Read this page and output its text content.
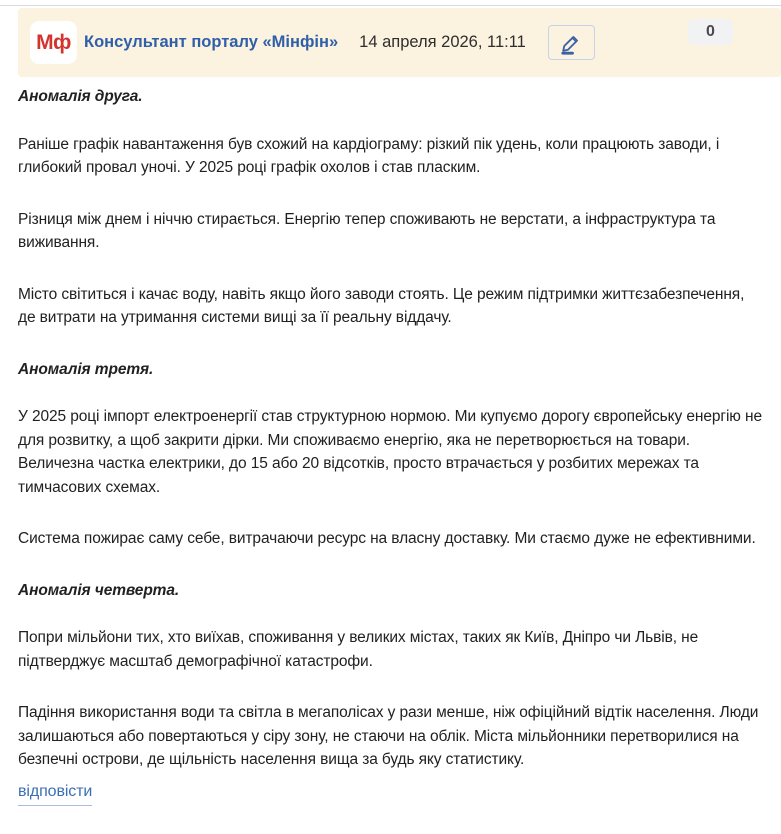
Мф Консультант порталу «Мінфін» 14 апреля 2026, 11:11
0
Аномалія друга.

Раніше графік навантаження був схожий на кардіограму: різкий пік удень, коли працюють заводи, і глибокий провал уночі. У 2025 році графік охолов і став пласким.

Різниця між днем і ніччю стирається. Енергію тепер споживають не верстати, а інфраструктура та виживання.

Місто світиться і качає воду, навіть якщо його заводи стоять. Це режим підтримки життєзабезпечення, де витрати на утримання системи вищі за її реальну віддачу.

Аномалія третя.

У 2025 році імпорт електроенергії став структурною нормою. Ми купуємо дорогу європейську енергію не для розвитку, а щоб закрити дірки. Ми споживаємо енергію, яка не перетворюється на товари. Величезна частка електрики, до 15 або 20 відсотків, просто втрачається у розбитих мережах та тимчасових схемах.

Система пожирає саму себе, витрачаючи ресурс на власну доставку. Ми стаємо дуже не ефективними.

Аномалія четверта.

Попри мільйони тих, хто виїхав, споживання у великих містах, таких як Київ, Дніпро чи Львів, не підтверджує масштаб демографічної катастрофи.

Падіння використання води та світла в мегаполісах у рази менше, ніж офіційний відтік населення. Люди залишаються або повертаються у сіру зону, не стаючи на облік. Міста мільйонники перетворилися на безпечні острови, де щільність населення вища за будь яку статистику.

відповісти
